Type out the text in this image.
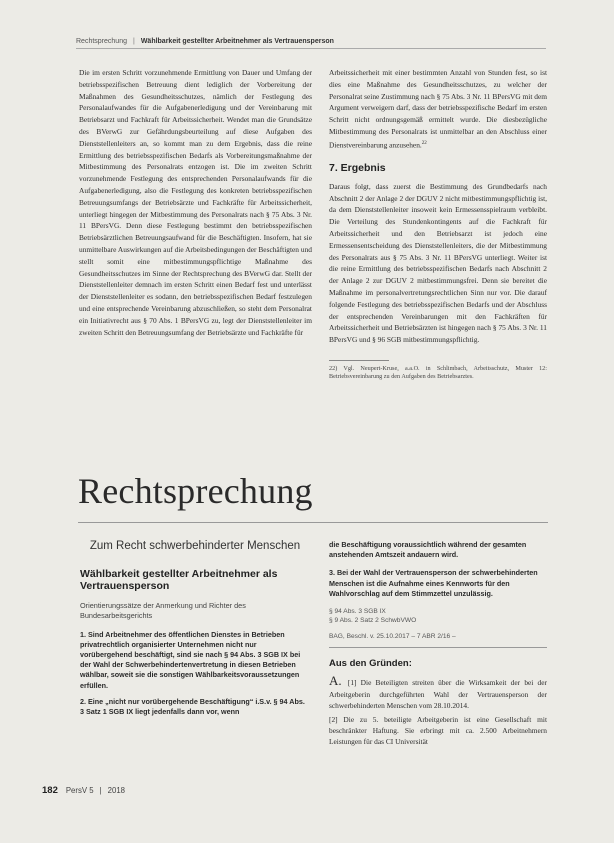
Rechtsprechung | Wählbarkeit gestellter Arbeitnehmer als Vertrauensperson

Die im ersten Schritt vorzunehmende Ermittlung von Dauer und Umfang der betriebsspezifischen Betreuung dient lediglich der Vorbereitung der Maßnahmen des Gesundheitsschutzes, nämlich der Festlegung des Personalaufwandes für die Aufgabenerledigung und der Vereinbarung mit Betriebsarzt und Fachkraft für Arbeitssicherheit. Wendet man die Grundsätze des BVerwG zur Gefährdungsbeurteilung auf diese Aufgaben des Dienststellenleiters an, so kommt man zu dem Ergebnis, dass die reine Ermittlung des betriebsspezifischen Bedarfs als Vorbereitungsmaßnahme der Mitbestimmung des Personalrats entzogen ist. Die im zweiten Schritt vorzunehmende Festlegung des entsprechenden Personalaufwands für die Aufgabenerledigung, also die Festlegung des konkreten betriebsspezifischen Betreuungsumfangs der Betriebsärzte und Fachkräfte für Arbeitssicherheit, unterliegt hingegen der Mitbestimmung des Personalrats nach § 75 Abs. 3 Nr. 11 BPersVG. Denn diese Festlegung bestimmt den betriebsspezifischen Betriebsärztlichen Betreuungsaufwand für die Beschäftigten. Insofern, hat sie unmittelbare Auswirkungen auf die Arbeitsbedingungen der Beschäftigten und stellt somit eine mitbestimmungspflichtige Maßnahme des Gesundheitsschutzes im Sinne der Rechtsprechung des BVerwG dar. Stellt der Dienststellenleiter demnach im ersten Schritt einen Bedarf fest und unterlässt der Dienststellenleiter es sodann, den betriebsspezifischen Bedarf festzulegen und eine entsprechende Vereinbarung abzuschließen, so steht dem Personalrat ein Initiativrecht aus § 70 Abs. 1 BPersVG zu, legt der Dienststellenleiter im zweiten Schritt den Betreuungsumfang der Betriebsärzte und Fachkräfte für

Arbeitssicherheit mit einer bestimmten Anzahl von Stunden fest, so ist dies eine Maßnahme des Gesundheitsschutzes, zu welcher der Personalrat seine Zustimmung nach § 75 Abs. 3 Nr. 11 BPersVG mit dem Argument verweigern darf, dass der betriebsspezifische Bedarf im ersten Schritt nicht ordnungsgemäß ermittelt wurde. Die diesbezügliche Mitbestimmung des Personalrats ist unmittelbar an den Abschluss einer Dienstvereinbarung anzusehen.$^{22}$

7. Ergebnis

Daraus folgt, dass zuerst die Bestimmung des Grundbedarfs nach Abschnitt 2 der Anlage 2 der DGUV 2 nicht mitbestimmungspflichtig ist, da dem Dienststellenleiter insoweit kein Ermessensspielraum verbleibt. Die Verteilung des Stundenkontingents auf die Fachkraft für Arbeitssicherheit und den Betriebsarzt ist jedoch eine Ermessensentscheidung des Dienststellenleiters, die der Mitbestimmung des Personalrats aus § 75 Abs. 3 Nr. 11 BPersVG unterliegt. Weiter ist die reine Ermittlung des betriebsspezifischen Bedarfs nach Abschnitt 2 der Anlage 2 zur DGUV 2 mitbestimmungsfrei. Denn sie bereitet die Maßnahme im personalvertretungsrechtlichen Sinn nur vor. Die darauf folgende Festlegung des betriebsspezifischen Bedarfs und der Abschluss der entsprechenden Vereinbarungen mit den Fachkräften für Arbeitssicherheit und Betriebsärzten ist hingegen nach § 75 Abs. 3 Nr. 11 BPersVG und § 96 SGB mitbestimmungspflichtig.

22) Vgl. Neupert-Kruse, a.a.O. in Schlimbach, Arbeitsschutz, Muster 12: Betriebsvereinbarung zu den Aufgaben des Betriebsarztes.
Rechtsprechung
Zum Recht schwerbehinderter Menschen
Wählbarkeit gestellter Arbeitnehmer als Vertrauensperson
Orientierungssätze der Anmerkung und Richter des Bundesarbeitsgerichts
1. Sind Arbeitnehmer des öffentlichen Dienstes in Betrieben privatrechtlich organisierter Unternehmen nicht nur vorübergehend beschäftigt, sind sie nach § 94 Abs. 3 SGB IX bei der Wahl der Schwerbehindertenvertretung in diesen Betrieben wählbar, soweit sie die sonstigen Wählbarkeitsvoraussetzungen erfüllen.
2. Eine „nicht nur vorübergehende Beschäftigung“ i.S.v. § 94 Abs. 3 Satz 1 SGB IX liegt jedenfalls dann vor, wenn
die Beschäftigung voraussichtlich während der gesamten anstehenden Amtszeit andauern wird.
3. Bei der Wahl der Vertrauensperson der schwerbehinderten Menschen ist die Aufnahme eines Kennworts für den Wahlvorschlag auf dem Stimmzettel unzulässig.
§ 94 Abs. 3 SGB IX
§ 9 Abs. 2 Satz 2 SchwbVWO
BAG, Beschl. v. 25.10.2017 – 7 ABR 2/16 –
Aus den Gründen:
A. [1] Die Beteiligten streiten über die Wirksamkeit der bei der Arbeitgeberin durchgeführten Wahl der Vertrauensperson der schwerbehinderten Menschen vom 28.10.2014.
[2] Die zu 5. beteiligte Arbeitgeberin ist eine Gesellschaft mit beschränkter Haftung. Sie erbringt mit ca. 2.500 Arbeitnehmern Leistungen für das CI Universität
182 PersV 5 | 2018
